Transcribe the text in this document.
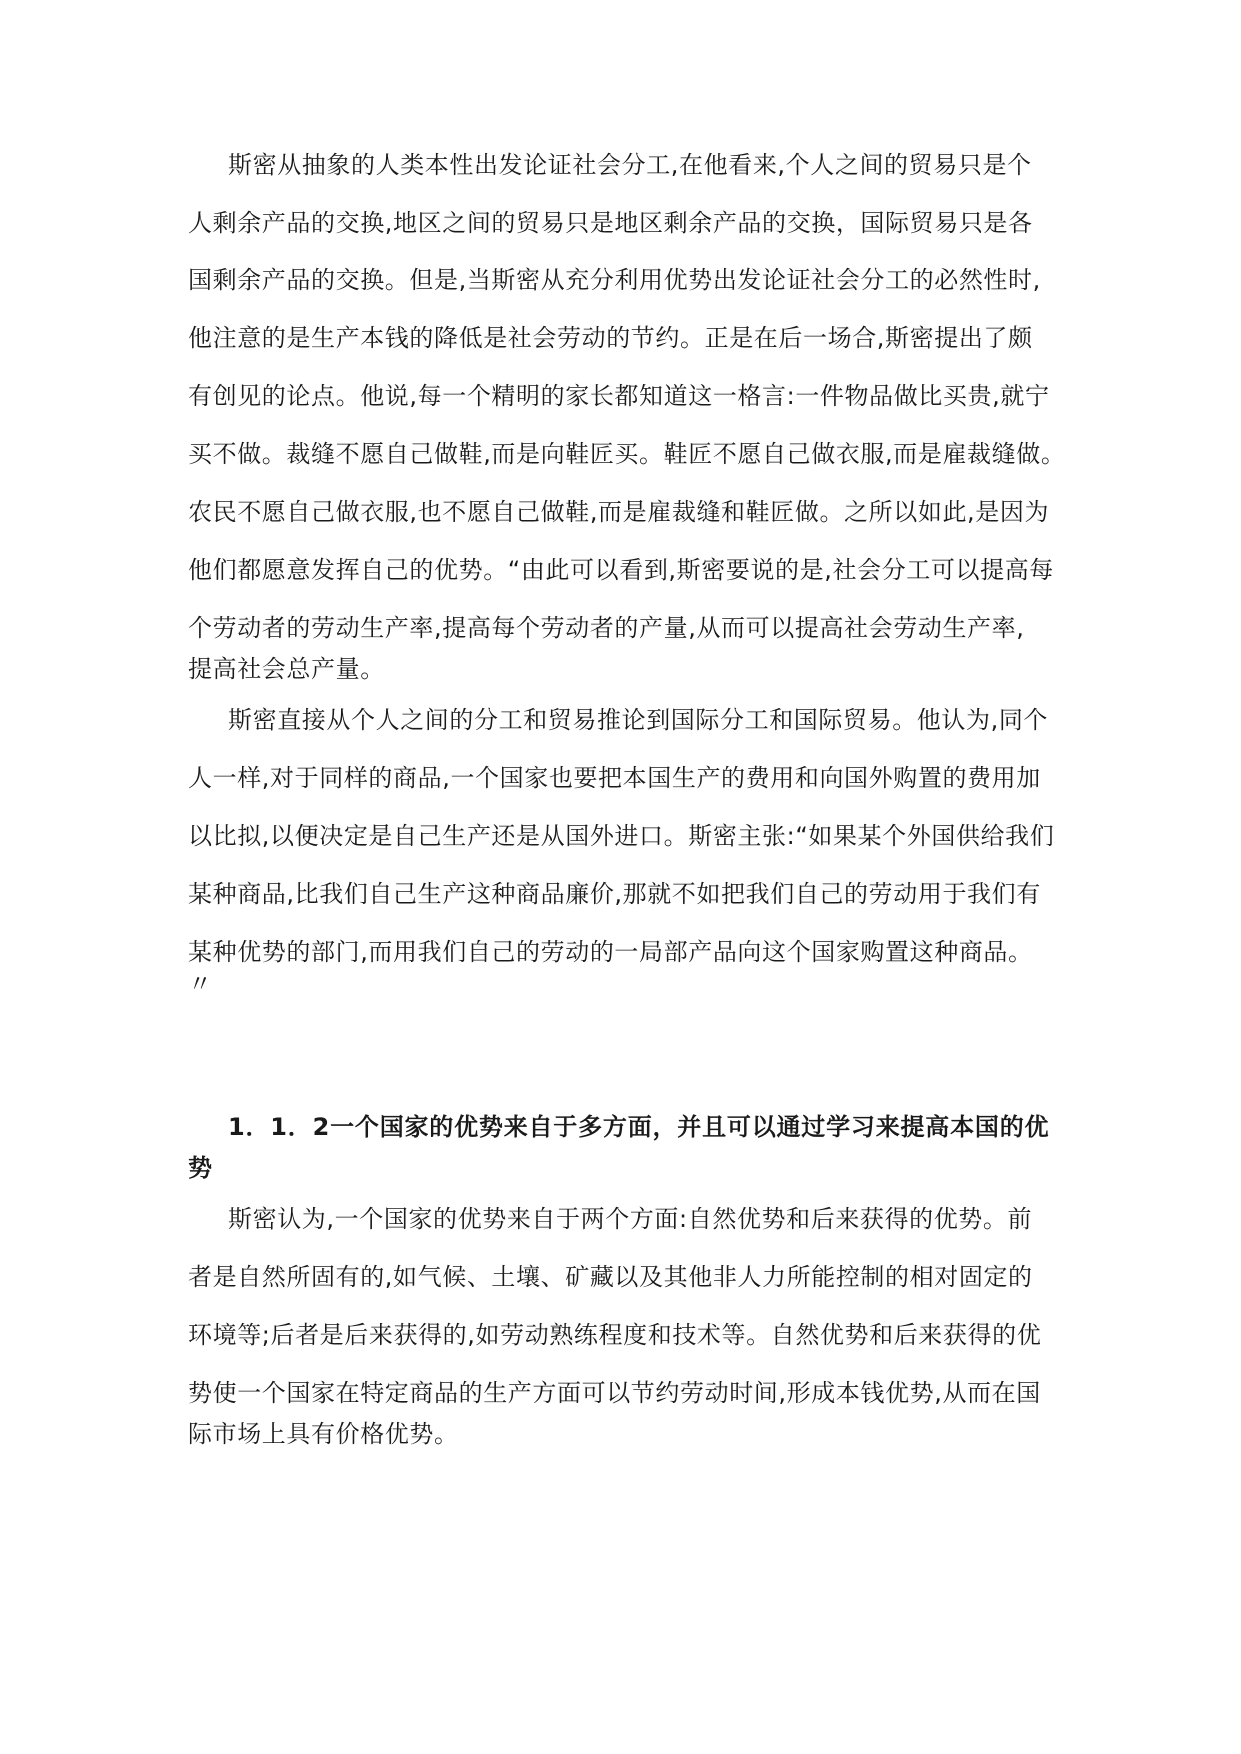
斯密从抽象的人类本性出发论证社会分工,在他看来,个人之间的贸易只是个
人剩余产品的交换,地区之间的贸易只是地区剩余产品的交换，国际贸易只是各
国剩余产品的交换。但是,当斯密从充分利用优势出发论证社会分工的必然性时,
他注意的是生产本钱的降低是社会劳动的节约。正是在后一场合,斯密提出了颇
有创见的论点。他说,每一个精明的家长都知道这一格言:一件物品做比买贵,就宁
买不做。裁缝不愿自己做鞋,而是向鞋匠买。鞋匠不愿自己做衣服,而是雇裁缝做。
农民不愿自己做衣服,也不愿自己做鞋,而是雇裁缝和鞋匠做。之所以如此,是因为
他们都愿意发挥自己的优势。“由此可以看到,斯密要说的是,社会分工可以提高每
个劳动者的劳动生产率,提高每个劳动者的产量,从而可以提高社会劳动生产率,
提高社会总产量。
斯密直接从个人之间的分工和贸易推论到国际分工和国际贸易。他认为,同个
人一样,对于同样的商品,一个国家也要把本国生产的费用和向国外购置的费用加
以比拟,以便决定是自己生产还是从国外进口。斯密主张:“如果某个外国供给我们
某种商品,比我们自己生产这种商品廉价,那就不如把我们自己的劳动用于我们有
某种优势的部门,而用我们自己的劳动的一局部产品向这个国家购置这种商品。
〃
1．1．2一个国家的优势来自于多方面，并且可以通过学习来提高本国的优
势
斯密认为,一个国家的优势来自于两个方面:自然优势和后来获得的优势。前
者是自然所固有的,如气候、土壤、矿藏以及其他非人力所能控制的相对固定的
环境等;后者是后来获得的,如劳动熟练程度和技术等。自然优势和后来获得的优
势使一个国家在特定商品的生产方面可以节约劳动时间,形成本钱优势,从而在国
际市场上具有价格优势。
